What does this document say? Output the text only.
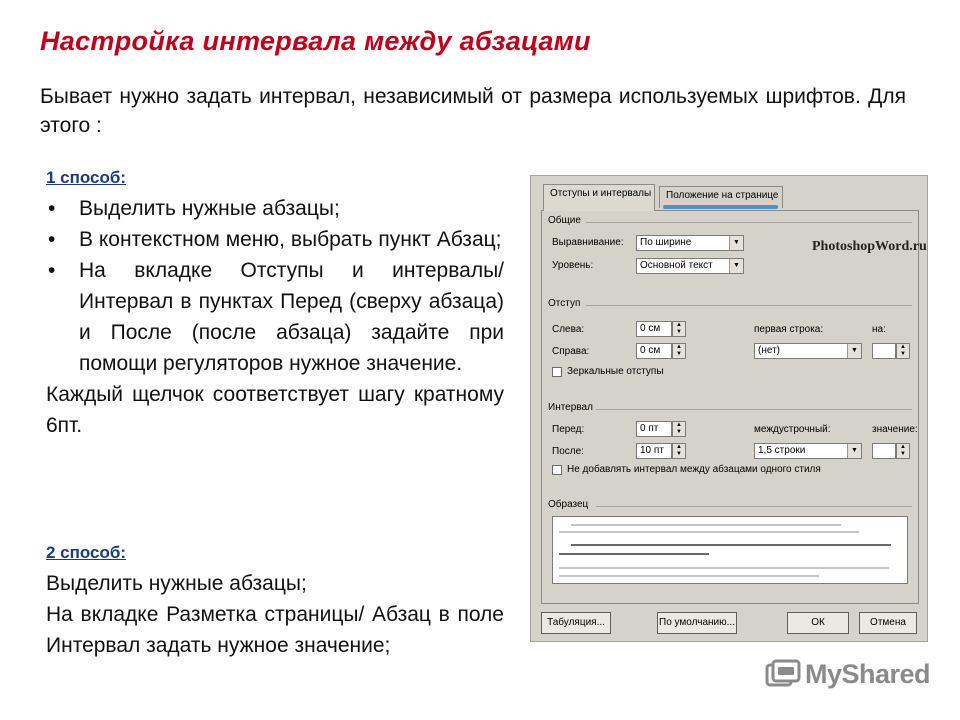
Настройка интервала между абзацами
Бывает нужно задать интервал, независимый от размера используемых шрифтов. Для этого :
1 способ:
• Выделить нужные абзацы;
• В контекстном меню, выбрать пункт Абзац;
• На вкладке Отступы и интервалы/ Интервал в пунктах Перед (сверху абзаца) и После (после абзаца) задайте при помощи регуляторов нужное значение.
Каждый щелчок соответствует шагу кратному 6пт.
2 способ:
Выделить нужные абзацы;
На вкладке Разметка страницы/ Абзац в поле Интервал задать нужное значение;
Отступы и интервалы	Положение на странице
Общие
PhotoshopWord.ru
Выравнивание:	По ширине	▼
Уровень:	Основной текст	▼
Отступ
Слева:	0 см	▲
▼
Справа:	0 см	▲
▼
первая строка:
(нет)	▼
на:
▲
▼
Зеркальные отступы
Интервал
Перед:	0 пт	▲
▼
После:	10 пт	▲
▼
междустрочный:
1,5 строки	▼
значение:
▲
▼
Не добавлять интервал между абзацами одного стиля
Образец
Табуляция...	По умолчанию...	ОК	Отмена
MyShared
